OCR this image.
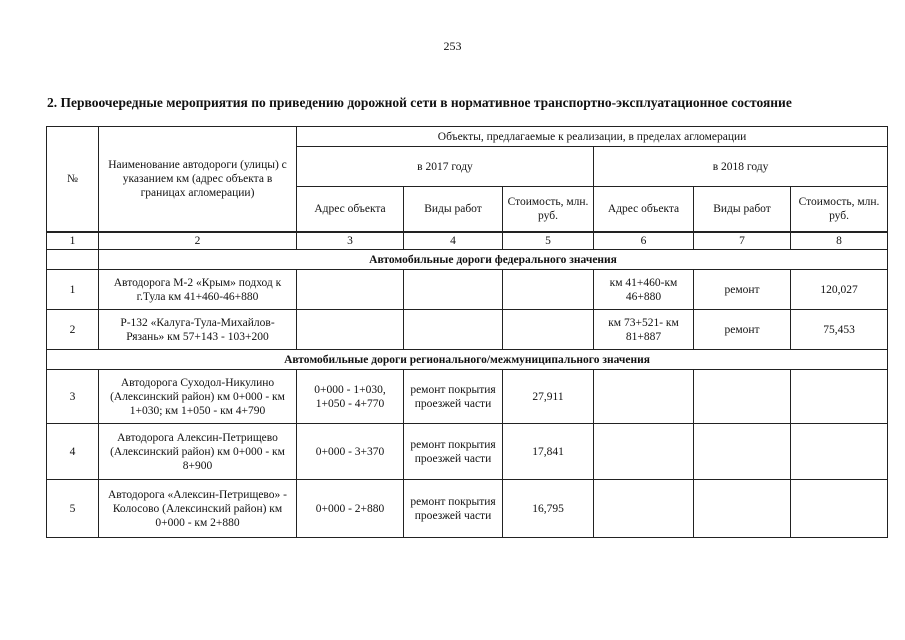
253
2. Первоочередные мероприятия по приведению дорожной сети в нормативное транспортно-эксплуатационное состояние
№	Наименование автодороги (улицы) с указанием км (адрес объекта в границах агломерации)	Объекты, предлагаемые к реализации, в пределах агломерации					
		в 2017 году			в 2018 году		
		Адрес объекта	Виды работ	Стоимость, млн. руб.	Адрес объекта	Виды работ	Стоимость, млн. руб.
1	2	3	4	5	6	7	8
	Автомобильные дороги федерального значения						
1	Автодорога М-2 «Крым» подход к г.Тула км 41+460-46+880				км 41+460-км 46+880	ремонт	120,027
2	Р-132 «Калуга-Тула-Михайлов-Рязань» км 57+143 - 103+200				км 73+521- км 81+887	ремонт	75,453
Автомобильные дороги регионального/межмуниципального значения							
3	Автодорога Суходол-Никулино (Алексинский район) км 0+000 - км 1+030; км 1+050 - км 4+790	0+000 - 1+030, 1+050 - 4+770	ремонт покрытия проезжей части	27,911			
4	Автодорога Алексин-Петрищево (Алексинский район) км 0+000 - км 8+900	0+000 - 3+370	ремонт покрытия проезжей части	17,841			
5	Автодорога «Алексин-Петрищево» - Колосово (Алексинский район) км 0+000 - км 2+880	0+000 - 2+880	ремонт покрытия проезжей части	16,795			
